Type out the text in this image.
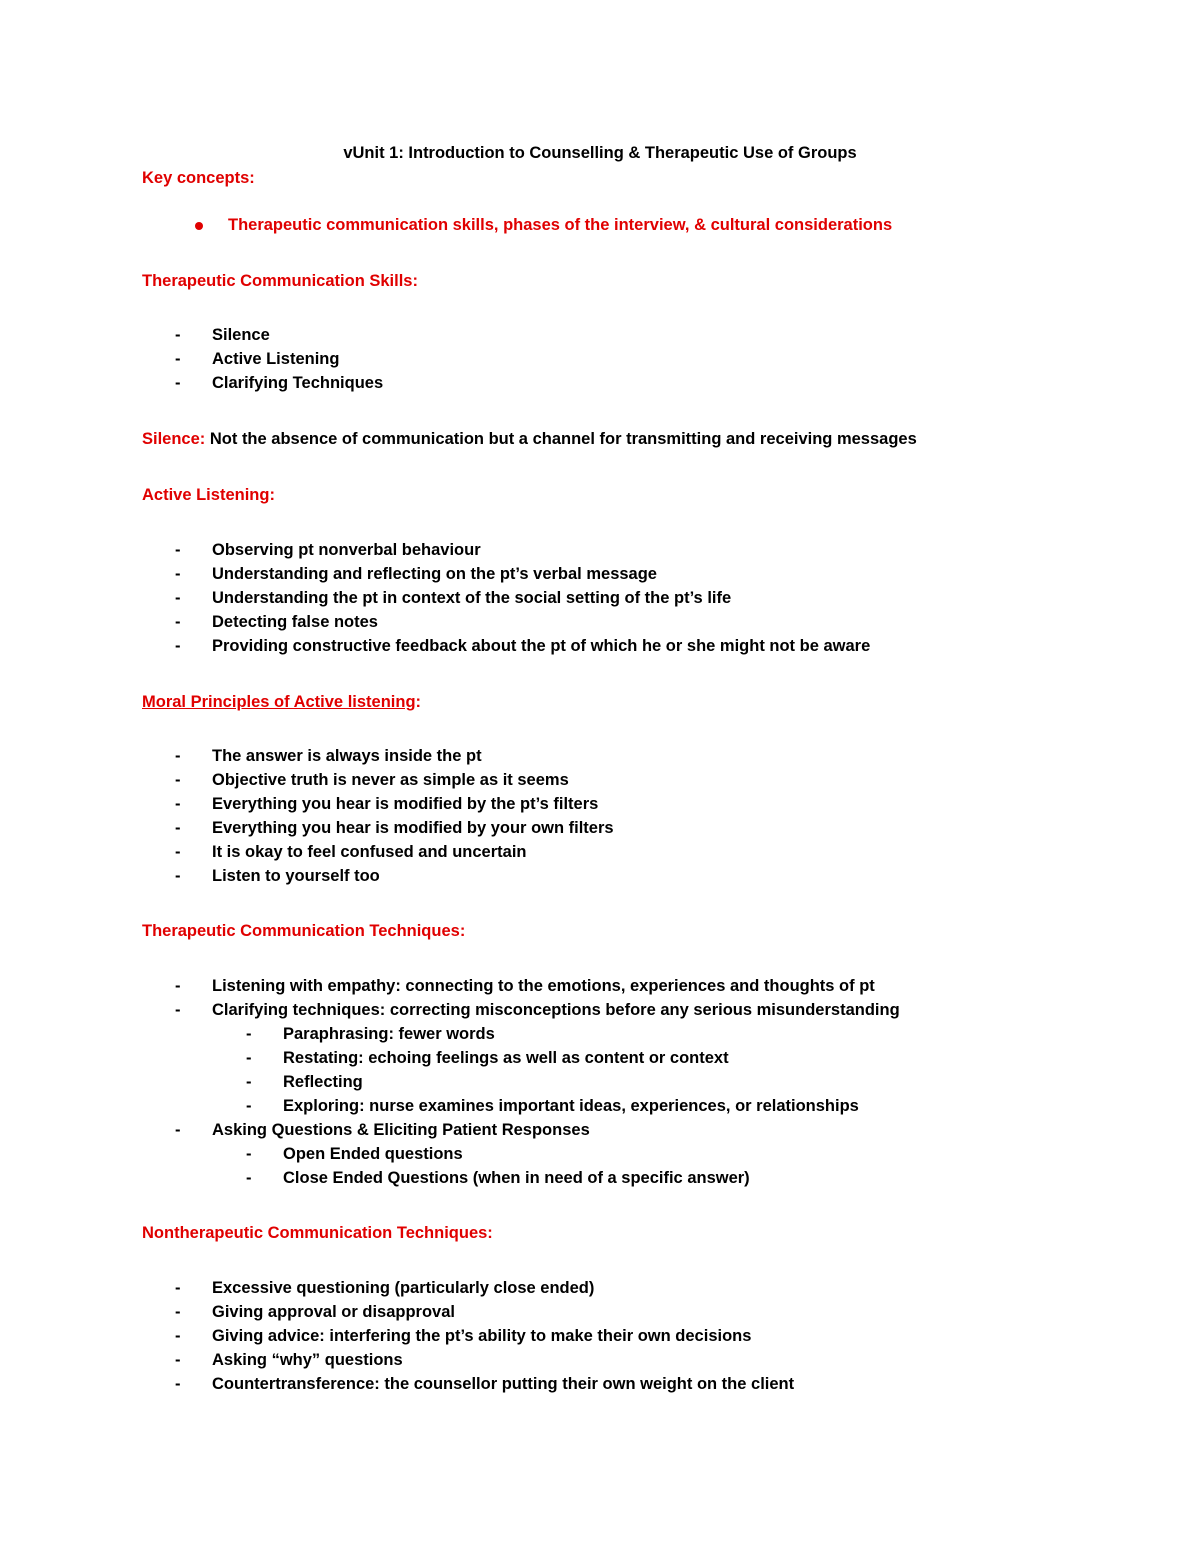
vUnit 1: Introduction to Counselling & Therapeutic Use of Groups
Key concepts:
Therapeutic communication skills, phases of the interview, & cultural considerations
Therapeutic Communication Skills:
- Silence
- Active Listening
- Clarifying Techniques
Silence: Not the absence of communication but a channel for transmitting and receiving messages
Active Listening:
- Observing pt nonverbal behaviour
- Understanding and reflecting on the pt’s verbal message
- Understanding the pt in context of the social setting of the pt’s life
- Detecting false notes
- Providing constructive feedback about the pt of which he or she might not be aware
Moral Principles of Active listening:
- The answer is always inside the pt
- Objective truth is never as simple as it seems
- Everything you hear is modified by the pt’s filters
- Everything you hear is modified by your own filters
- It is okay to feel confused and uncertain
- Listen to yourself too
Therapeutic Communication Techniques:
- Listening with empathy: connecting to the emotions, experiences and thoughts of pt
- Clarifying techniques: correcting misconceptions before any serious misunderstanding
- Paraphrasing: fewer words
- Restating: echoing feelings as well as content or context
- Reflecting
- Exploring: nurse examines important ideas, experiences, or relationships
- Asking Questions & Eliciting Patient Responses
- Open Ended questions
- Close Ended Questions (when in need of a specific answer)
Nontherapeutic Communication Techniques:
- Excessive questioning (particularly close ended)
- Giving approval or disapproval
- Giving advice: interfering the pt’s ability to make their own decisions
- Asking “why” questions
- Countertransference: the counsellor putting their own weight on the client
